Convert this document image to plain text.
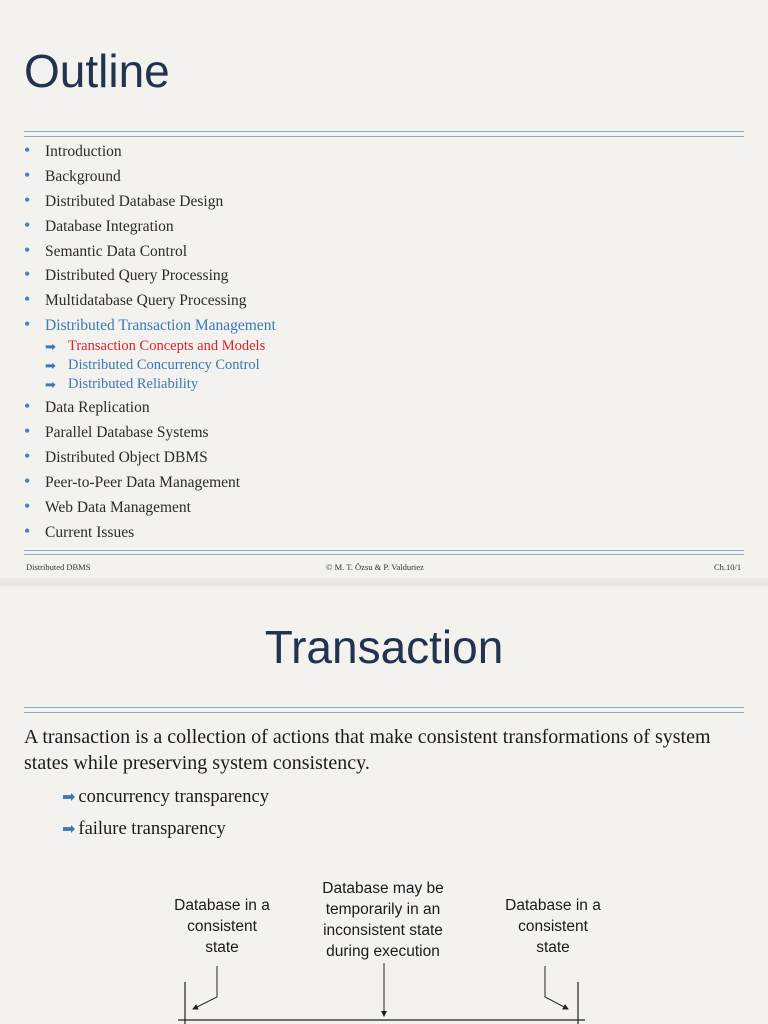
Outline
• Introduction
• Background
• Distributed Database Design
• Database Integration
• Semantic Data Control
• Distributed Query Processing
• Multidatabase Query Processing
• Distributed Transaction Management
➡ Transaction Concepts and Models
➡ Distributed Concurrency Control
➡ Distributed Reliability
• Data Replication
• Parallel Database Systems
• Distributed Object DBMS
• Peer-to-Peer Data Management
• Web Data Management
• Current Issues
Distributed DBMS	© M. T. Özsu & P. Valduriez	Ch.10/1
Transaction

A transaction is a collection of actions that make consistent transformations of system states while preserving system consistency.

➡ concurrency transparency
➡ failure transparency
Database in a
consistent
state
Database may be
temporarily in an
inconsistent state
during execution
Database in a
consistent
state
